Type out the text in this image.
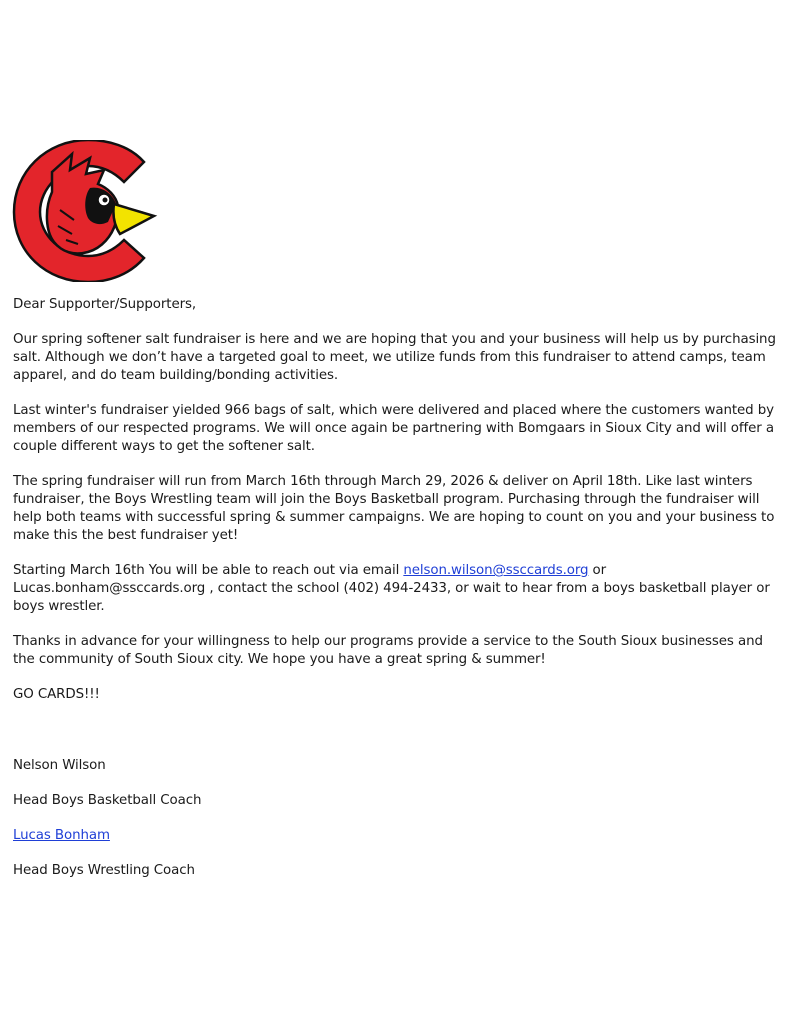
Dear Supporter/Supporters,

Our spring softener salt fundraiser is here and we are hoping that you and your business will help us by purchasing salt. Although we don’t have a targeted goal to meet, we utilize funds from this fundraiser to attend camps, team apparel, and do team building/bonding activities.

Last winter's fundraiser yielded 966 bags of salt, which were delivered and placed where the customers wanted by members of our respected programs. We will once again be partnering with Bomgaars in Sioux City and will offer a couple different ways to get the softener salt.

The spring fundraiser will run from March 16th through March 29, 2026 & deliver on April 18th. Like last winters fundraiser, the Boys Wrestling team will join the Boys Basketball program. Purchasing through the fundraiser will help both teams with successful spring & summer campaigns. We are hoping to count on you and your business to make this the best fundraiser yet!

Starting March 16th You will be able to reach out via email nelson.wilson@ssccards.org or Lucas.bonham@ssccards.org , contact the school (402) 494-2433, or wait to hear from a boys basketball player or boys wrestler.

Thanks in advance for your willingness to help our programs provide a service to the South Sioux businesses and the community of South Sioux city. We hope you have a great spring & summer!

GO CARDS!!!

Nelson Wilson

Head Boys Basketball Coach

Lucas Bonham

Head Boys Wrestling Coach
